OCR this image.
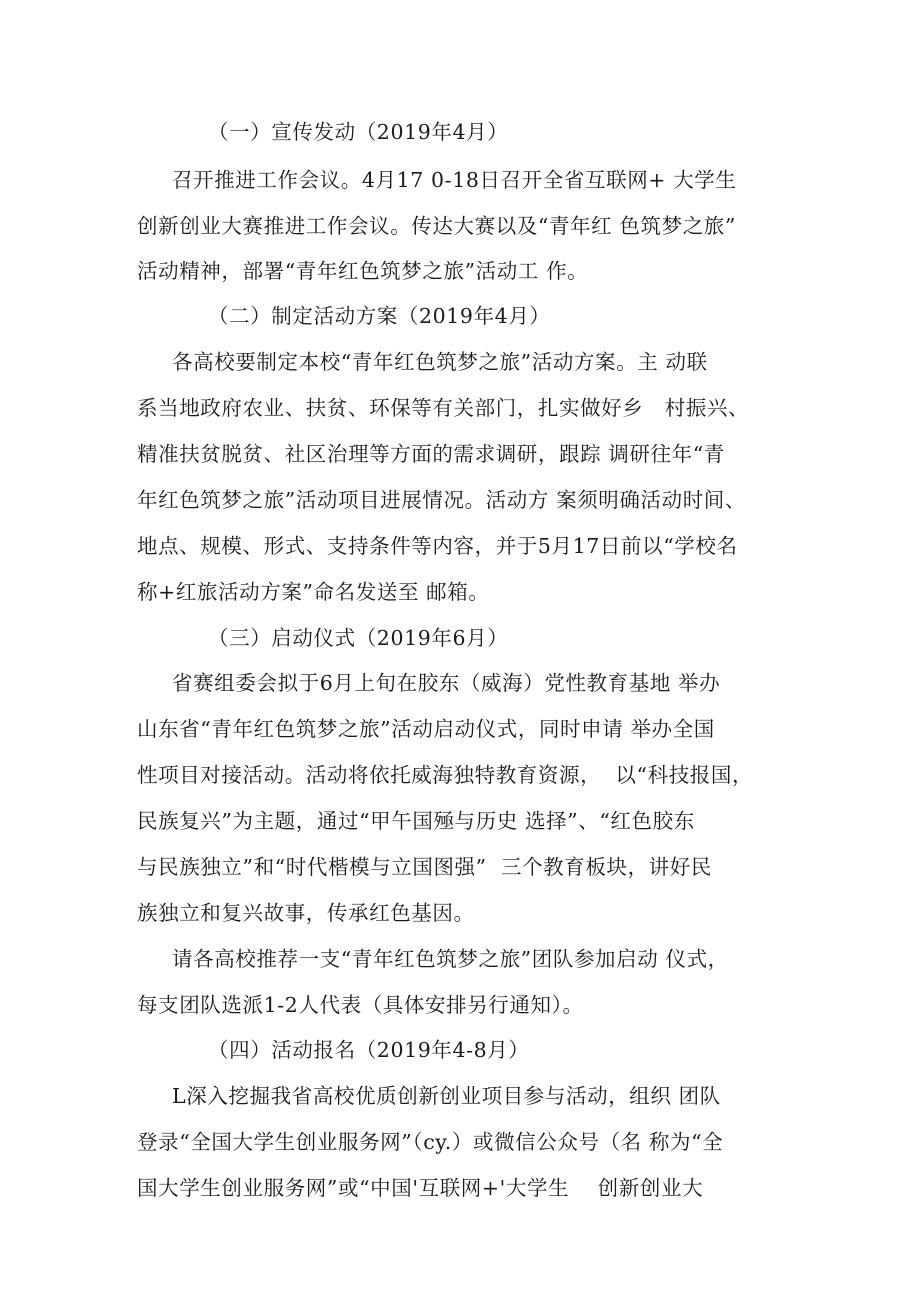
（一）宣传发动（2019年4月）
召开推进工作会议。4月17 0-18日召开全省互联网+ 大学生
创新创业大赛推进工作会议。传达大赛以及“青年红 色筑梦之旅”
活动精神，部署“青年红色筑梦之旅”活动工 作。
（二）制定活动方案（2019年4月）
各高校要制定本校“青年红色筑梦之旅”活动方案。主 动联
系当地政府农业、扶贫、环保等有关部门，扎实做好乡   村振兴、
精准扶贫脱贫、社区治理等方面的需求调研，跟踪 调研往年“青
年红色筑梦之旅”活动项目进展情况。活动方 案须明确活动时间、
地点、规模、形式、支持条件等内容，并于5月17日前以“学校名
称+红旅活动方案”命名发送至 邮箱。
（三）启动仪式（2019年6月）
省赛组委会拟于6月上旬在胶东（威海）党性教育基地 举办
山东省“青年红色筑梦之旅”活动启动仪式，同时申请 举办全国
性项目对接活动。活动将依托威海独特教育资源，  以“科技报国，
民族复兴”为主题，通过“甲午国殛与历史 选择”、“红色胶东
与民族独立”和“时代楷模与立国图强”  三个教育板块，讲好民
族独立和复兴故事，传承红色基因。
请各高校推荐一支“青年红色筑梦之旅”团队参加启动 仪式，
每支团队选派1-2人代表（具体安排另行通知）。
（四）活动报名（2019年4-8月）
L深入挖掘我省高校优质创新创业项目参与活动，组织 团队
登录“全国大学生创业服务网”（cy.）或微信公众号（名 称为“全
国大学生创业服务网”或“中国'互联网+'大学生    创新创业大
